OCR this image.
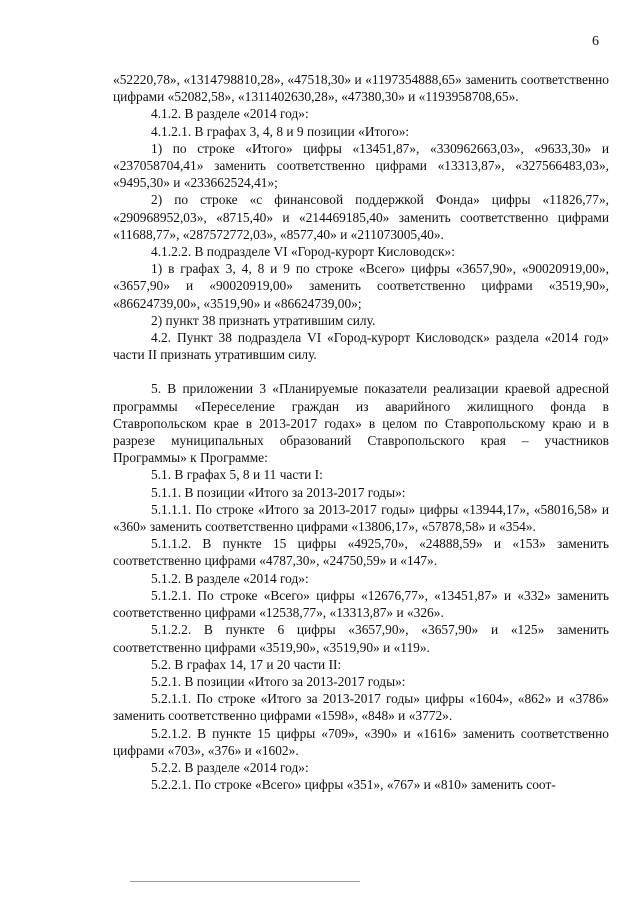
6

«52220,78», «1314798810,28», «47518,30» и «1197354888,65» заменить соответственно цифрами «52082,58», «1311402630,28», «47380,30» и «1193958708,65».

4.1.2. В разделе «2014 год»:

4.1.2.1. В графах 3, 4, 8 и 9 позиции «Итого»:

1) по строке «Итого» цифры «13451,87», «330962663,03», «9633,30» и «237058704,41» заменить соответственно цифрами «13313,87», «327566483,03», «9495,30» и «233662524,41»;

2) по строке «с финансовой поддержкой Фонда» цифры «11826,77», «290968952,03», «8715,40» и «214469185,40» заменить соответственно цифрами «11688,77», «287572772,03», «8577,40» и «211073005,40».

4.1.2.2. В подразделе VI «Город-курорт Кисловодск»:

1) в графах 3, 4, 8 и 9 по строке «Всего» цифры «3657,90», «90020919,00», «3657,90» и «90020919,00» заменить соответственно цифрами «3519,90», «86624739,00», «3519,90» и «86624739,00»;

2) пункт 38 признать утратившим силу.

4.2. Пункт 38 подраздела VI «Город-курорт Кисловодск» раздела «2014 год» части II признать утратившим силу.

5. В приложении 3 «Планируемые показатели реализации краевой адресной программы «Переселение граждан из аварийного жилищного фонда в Ставропольском крае в 2013-2017 годах» в целом по Ставропольскому краю и в разрезе муниципальных образований Ставропольского края – участников Программы» к Программе:

5.1. В графах 5, 8 и 11 части I:

5.1.1. В позиции «Итого за 2013-2017 годы»:

5.1.1.1. По строке «Итого за 2013-2017 годы» цифры «13944,17», «58016,58» и «360» заменить соответственно цифрами «13806,17», «57878,58» и «354».

5.1.1.2. В пункте 15 цифры «4925,70», «24888,59» и «153» заменить соответственно цифрами «4787,30», «24750,59» и «147».

5.1.2. В разделе «2014 год»:

5.1.2.1. По строке «Всего» цифры «12676,77», «13451,87» и «332» заменить соответственно цифрами «12538,77», «13313,87» и «326».

5.1.2.2. В пункте 6 цифры «3657,90», «3657,90» и «125» заменить соответственно цифрами «3519,90», «3519,90» и «119».

5.2. В графах 14, 17 и 20 части II:

5.2.1. В позиции «Итого за 2013-2017 годы»:

5.2.1.1. По строке «Итого за 2013-2017 годы» цифры «1604», «862» и «3786» заменить соответственно цифрами «1598», «848» и «3772».

5.2.1.2. В пункте 15 цифры «709», «390» и «1616» заменить соответственно цифрами «703», «376» и «1602».

5.2.2. В разделе «2014 год»:

5.2.2.1. По строке «Всего» цифры «351», «767» и «810» заменить соот-
